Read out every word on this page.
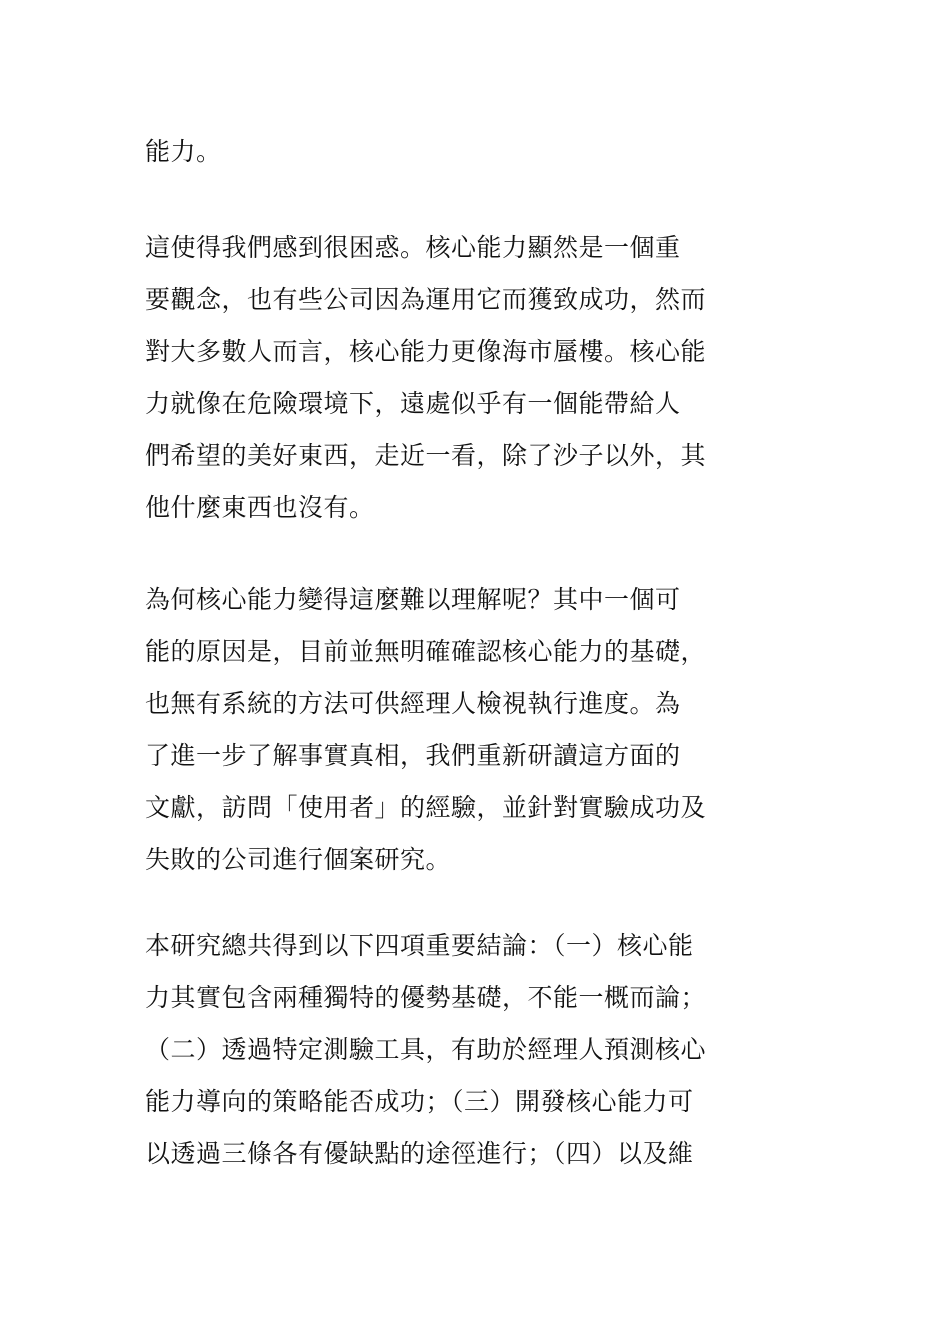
能力。
這使得我們感到很困惑。核心能力顯然是一個重
要觀念，也有些公司因為運用它而獲致成功，然而
對大多數人而言，核心能力更像海市蜃樓。核心能
力就像在危險環境下，遠處似乎有一個能帶給人
們希望的美好東西，走近一看，除了沙子以外，其
他什麼東西也沒有。
為何核心能力變得這麼難以理解呢？其中一個可
能的原因是，目前並無明確確認核心能力的基礎，
也無有系統的方法可供經理人檢視執行進度。為
了進一步了解事實真相，我們重新研讀這方面的
文獻，訪問「使用者」的經驗，並針對實驗成功及
失敗的公司進行個案研究。
本研究總共得到以下四項重要結論：（一）核心能
力其實包含兩種獨特的優勢基礎，不能一概而論；
（二）透過特定測驗工具，有助於經理人預測核心
能力導向的策略能否成功；（三）開發核心能力可
以透過三條各有優缺點的途徑進行；（四）以及維
